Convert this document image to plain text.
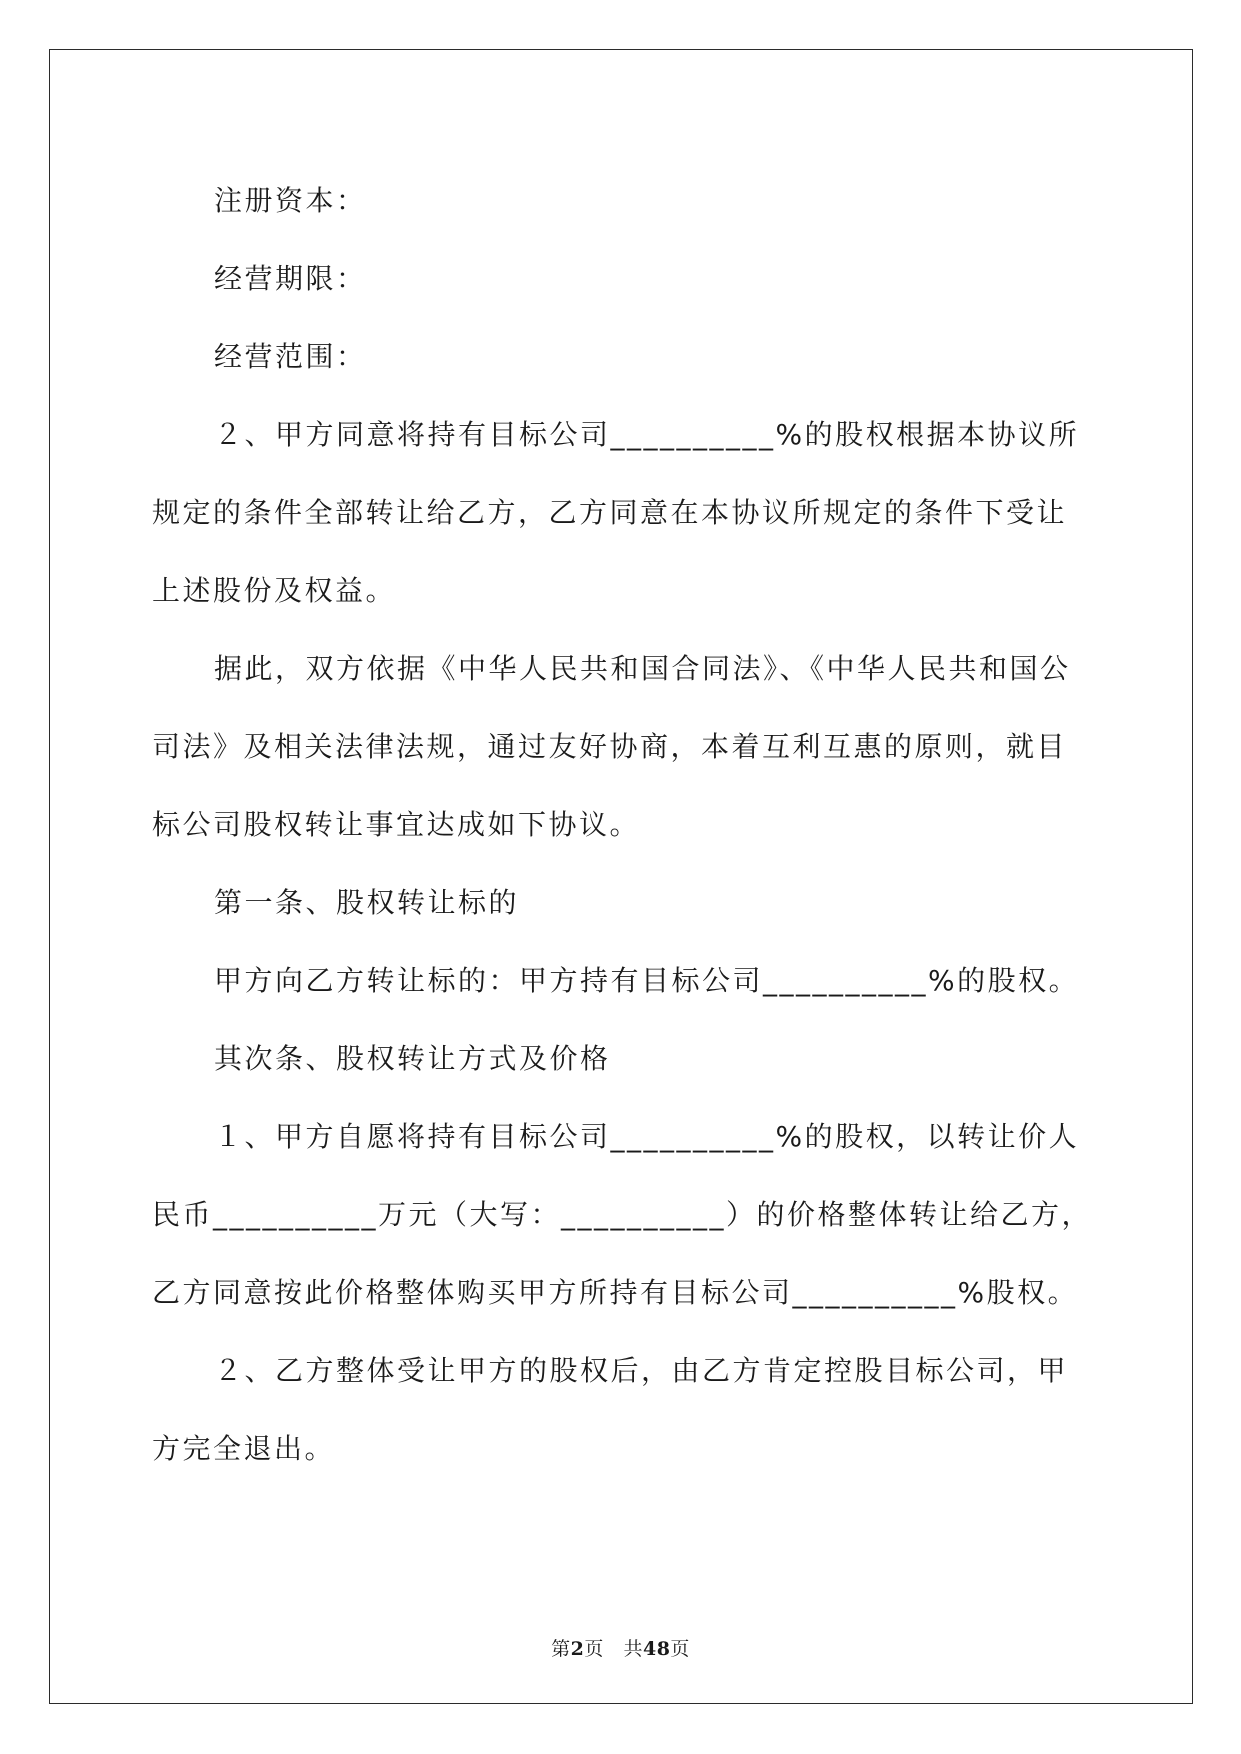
注册资本：
经营期限：
经营范围：
２、甲方同意将持有目标公司__________%的股权根据本协议所
规定的条件全部转让给乙方，乙方同意在本协议所规定的条件下受让
上述股份及权益。
据此，双方依据《中华人民共和国合同法》、《中华人民共和国公
司法》及相关法律法规，通过友好协商，本着互利互惠的原则，就目
标公司股权转让事宜达成如下协议。
第一条、股权转让标的
甲方向乙方转让标的：甲方持有目标公司__________%的股权。
其次条、股权转让方式及价格
１、甲方自愿将持有目标公司__________%的股权，以转让价人
民币__________万元（大写：__________）的价格整体转让给乙方，
乙方同意按此价格整体购买甲方所持有目标公司__________%股权。
２、乙方整体受让甲方的股权后，由乙方肯定控股目标公司，甲
方完全退出。
第2页 共48页
